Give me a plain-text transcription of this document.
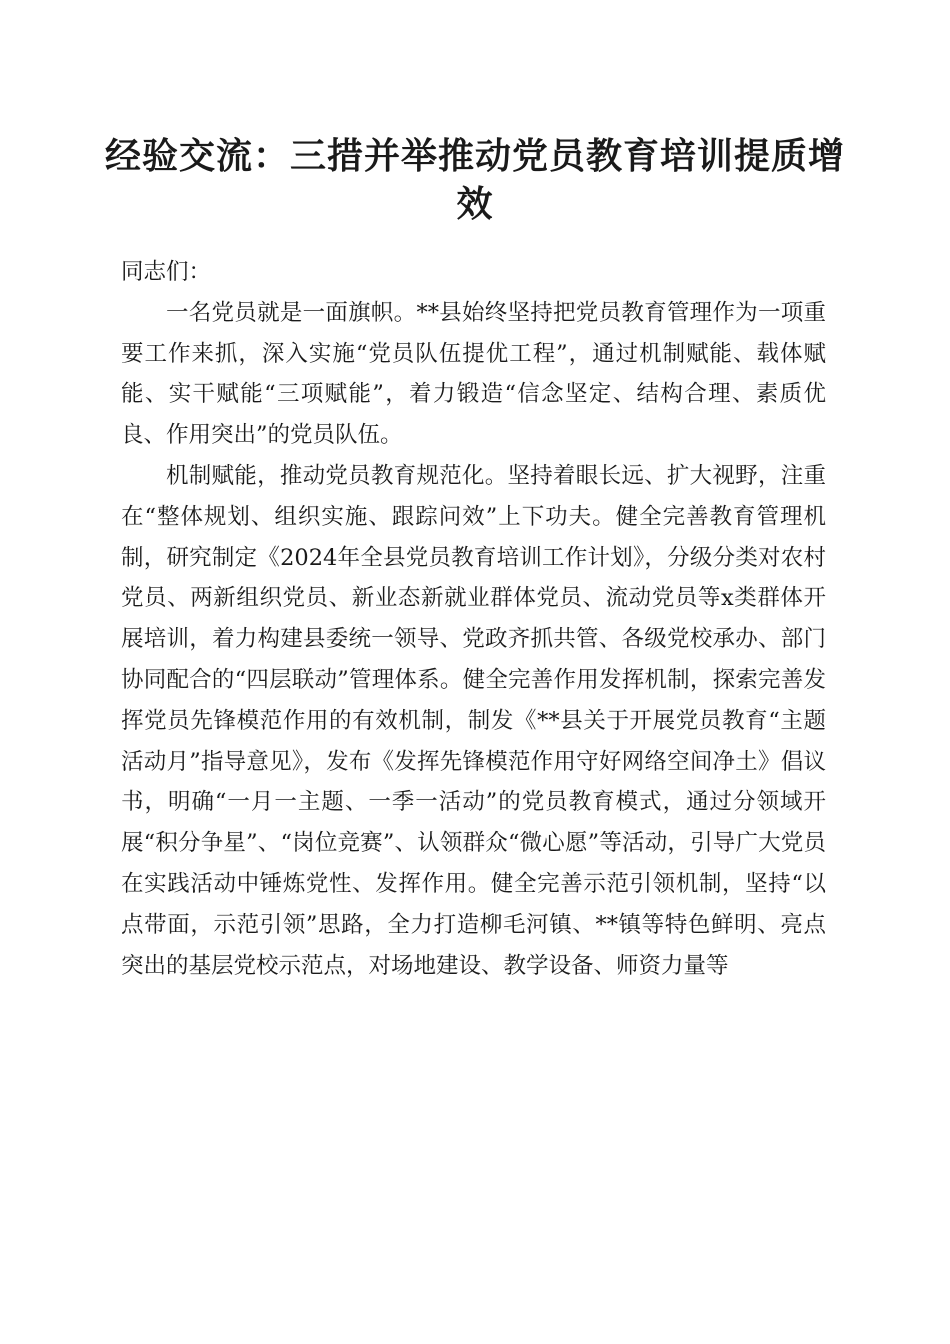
经验交流：三措并举推动党员教育培训提质增效

同志们：

一名党员就是一面旗帜。**县始终坚持把党员教育管理作为一项重要工作来抓，深入实施“党员队伍提优工程”，通过机制赋能、载体赋能、实干赋能“三项赋能”，着力锻造“信念坚定、结构合理、素质优良、作用突出”的党员队伍。

机制赋能，推动党员教育规范化。坚持着眼长远、扩大视野，注重在“整体规划、组织实施、跟踪问效”上下功夫。健全完善教育管理机制，研究制定《2024年全县党员教育培训工作计划》，分级分类对农村党员、两新组织党员、新业态新就业群体党员、流动党员等x类群体开展培训，着力构建县委统一领导、党政齐抓共管、各级党校承办、部门协同配合的“四层联动”管理体系。健全完善作用发挥机制，探索完善发挥党员先锋模范作用的有效机制，制发《**县关于开展党员教育“主题活动月”指导意见》，发布《发挥先锋模范作用守好网络空间净土》倡议书，明确“一月一主题、一季一活动”的党员教育模式，通过分领域开展“积分争星”、“岗位竞赛”、认领群众“微心愿”等活动，引导广大党员在实践活动中锤炼党性、发挥作用。健全完善示范引领机制，坚持“以点带面，示范引领”思路，全力打造柳毛河镇、**镇等特色鲜明、亮点突出的基层党校示范点，对场地建设、教学设备、师资力量等
